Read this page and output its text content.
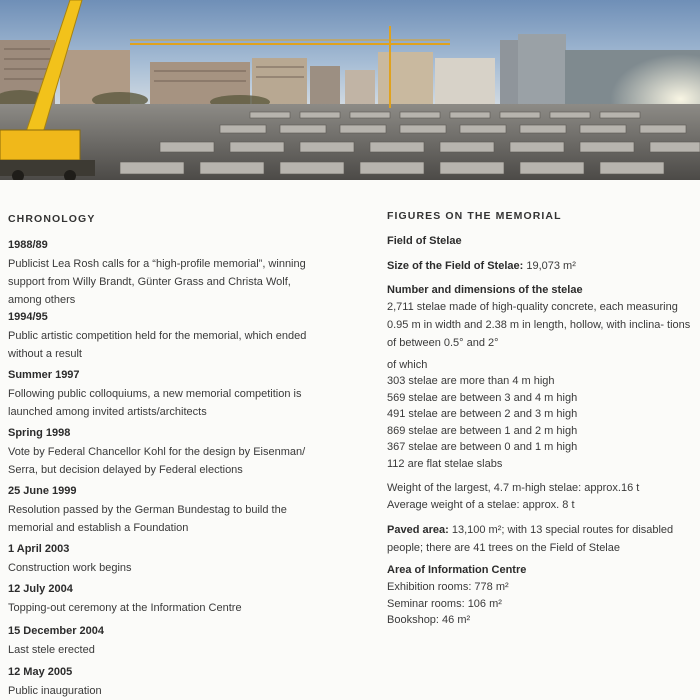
CHRONOLOGY
1988/89
Publicist Lea Rosh calls for a “high-profile memorial”, winning support from Willy Brandt, Günter Grass and Christa Wolf, among others
1994/95
Public artistic competition held for the memorial, which ended without a result
Summer 1997
Following public colloquiums, a new memorial competition is launched among invited artists/architects
Spring 1998
Vote by Federal Chancellor Kohl for the design by Eisenman/ Serra, but decision delayed by Federal elections
25 June 1999
Resolution passed by the German Bundestag to build the memorial and establish a Foundation
1 April 2003
Construction work begins
12 July 2004
Topping-out ceremony at the Information Centre
15 December 2004
Last stele erected
12 May 2005
Public inauguration
FIGURES ON THE MEMORIAL
Field of Stelae
Size of the Field of Stelae: 19,073 m²
Number and dimensions of the stelae
2,711 stelae made of high-quality concrete, each measuring 0.95 m in width and 2.38 m in length, hollow, with inclina- tions of between 0.5° and 2°
of which
303 stelae are more than 4 m high
569 stelae are between 3 and 4 m high
491 stelae are between 2 and 3 m high
869 stelae are between 1 and 2 m high
367 stelae are between 0 and 1 m high
112 are flat stelae slabs
Weight of the largest, 4.7 m-high stelae: approx.16 t
Average weight of a stelae: approx. 8 t
Paved area: 13,100 m²; with 13 special routes for disabled people; there are 41 trees on the Field of Stelae
Area of Information Centre
Exhibition rooms: 778 m²
Seminar rooms: 106 m²
Bookshop: 46 m²
